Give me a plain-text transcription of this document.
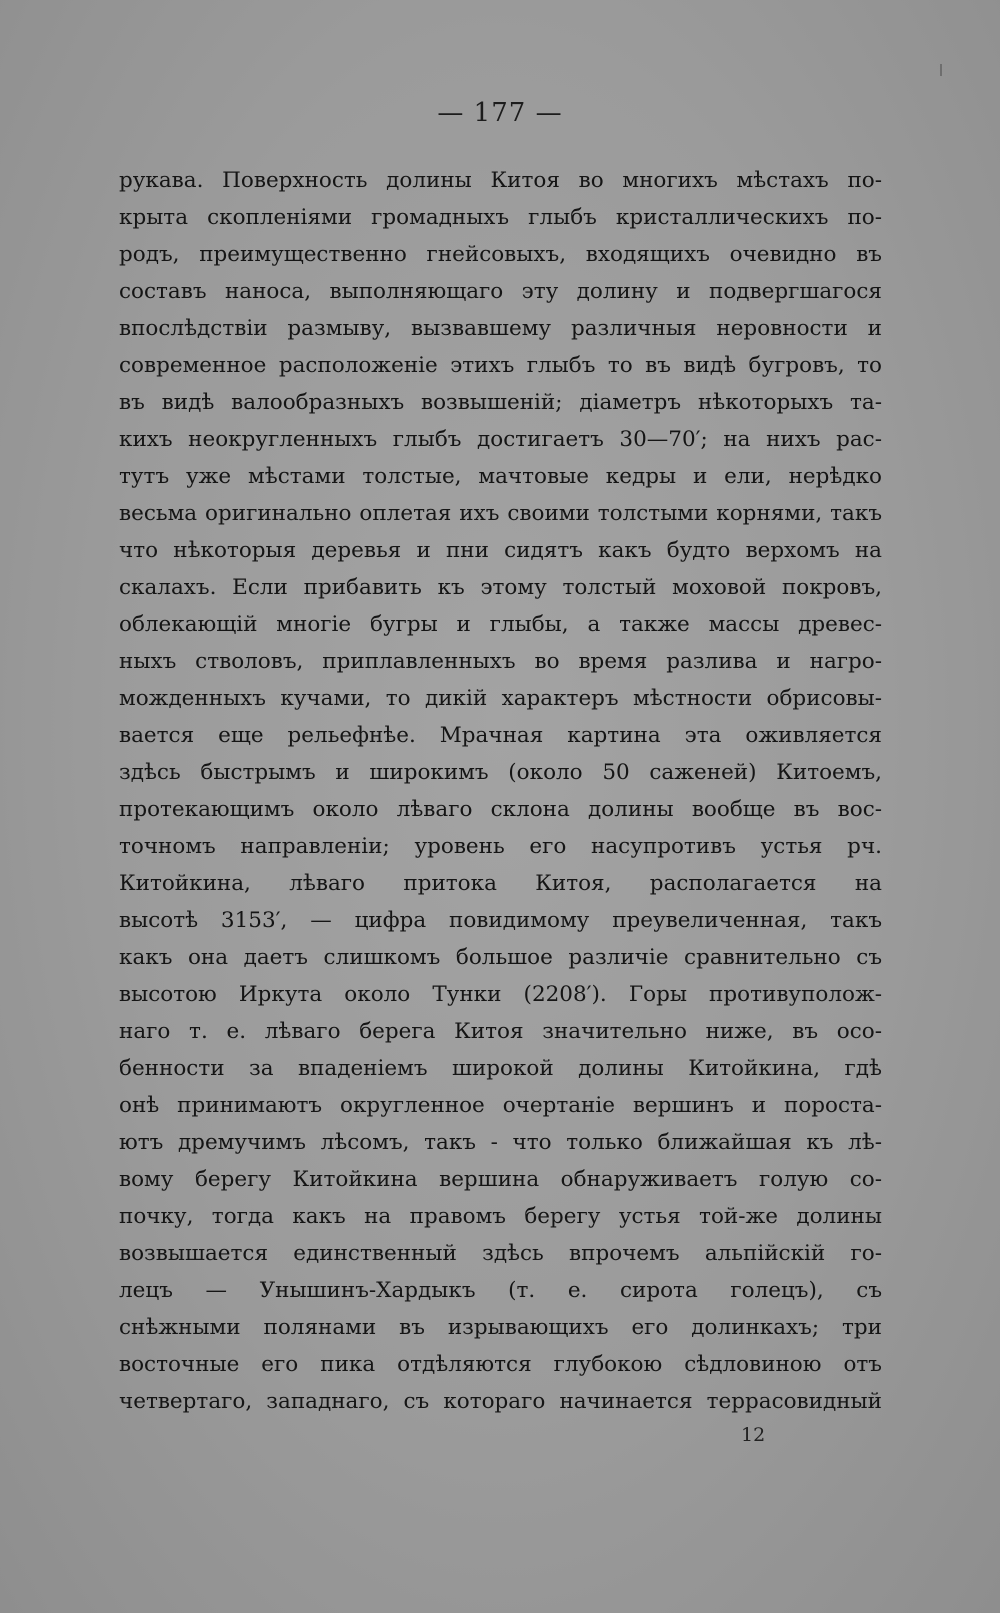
— 177 —
рукава. Поверхность долины Китоя во многихъ мѣстахъ по-
крыта скопленіями громадныхъ глыбъ кристаллическихъ по-
родъ, преимущественно гнейсовыхъ, входящихъ очевидно въ
составъ наноса, выполняющаго эту долину и подвергшагося
впослѣдствіи размыву, вызвавшему различныя неровности и
современное расположеніе этихъ глыбъ то въ видѣ бугровъ, то
въ видѣ валообразныхъ возвышеній; діаметръ нѣкоторыхъ та-
кихъ неокругленныхъ глыбъ достигаетъ 30—70′; на нихъ рас-
тутъ уже мѣстами толстые, мачтовые кедры и ели, нерѣдко
весьма оригинально оплетая ихъ своими толстыми корнями, такъ
что нѣкоторыя деревья и пни сидятъ какъ будто верхомъ на
скалахъ. Если прибавить къ этому толстый моховой покровъ,
облекающій многіе бугры и глыбы, а также массы древес-
ныхъ стволовъ, приплавленныхъ во время разлива и нагро-
можденныхъ кучами, то дикій характеръ мѣстности обрисовы-
вается еще рельефнѣе. Мрачная картина эта оживляется
здѣсь быстрымъ и широкимъ (около 50 саженей) Китоемъ,
протекающимъ около лѣваго склона долины вообще въ вос-
точномъ направленіи; уровень его насупротивъ устья рч.
Китойкина, лѣваго притока Китоя, располагается на
высотѣ 3153′, — цифра повидимому преувеличенная, такъ
какъ она даетъ слишкомъ большое различіе сравнительно съ
высотою Иркута около Тунки (2208′). Горы противуполож-
наго т. е. лѣваго берега Китоя значительно ниже, въ осо-
бенности за впаденіемъ широкой долины Китойкина, гдѣ
онѣ принимаютъ округленное очертаніе вершинъ и пороста-
ютъ дремучимъ лѣсомъ, такъ - что только ближайшая къ лѣ-
вому берегу Китойкина вершина обнаруживаетъ голую со-
почку, тогда какъ на правомъ берегу устья той-же долины
возвышается единственный здѣсь впрочемъ альпійскій го-
лецъ — Унышинъ-Хардыкъ (т. е. сирота голецъ), съ
снѣжными полянами въ изрывающихъ его долинкахъ; три
восточные его пика отдѣляются глубокою сѣдловиною отъ
четвертаго, западнаго, съ котораго начинается террасовидный
12
